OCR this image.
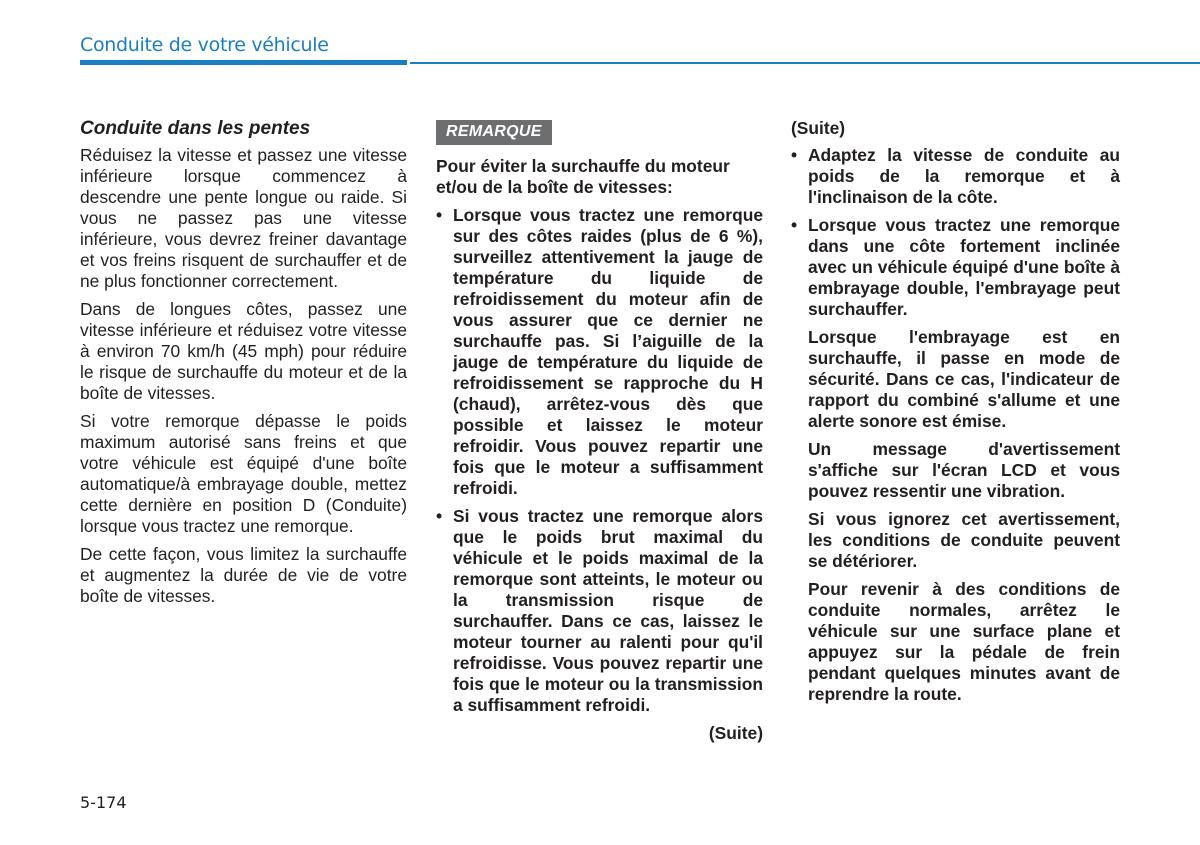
Conduite de votre véhicule
Conduite dans les pentes

Réduisez la vitesse et passez une vitesse inférieure lorsque commencez à descendre une pente longue ou raide. Si vous ne passez pas une vitesse inférieure, vous devrez freiner davantage et vos freins risquent de surchauffer et de ne plus fonctionner correctement.

Dans de longues côtes, passez une vitesse inférieure et réduisez votre vitesse à environ 70 km/h (45 mph) pour réduire le risque de surchauffe du moteur et de la boîte de vitesses.

Si votre remorque dépasse le poids maximum autorisé sans freins et que votre véhicule est équipé d'une boîte automatique/à embrayage double, mettez cette dernière en position D (Conduite) lorsque vous tractez une remorque.

De cette façon, vous limitez la surchauffe et augmentez la durée de vie de votre boîte de vitesses.

REMARQUE
Pour éviter la surchauffe du moteur et/ou de la boîte de vitesses:
• Lorsque vous tractez une remorque sur des côtes raides (plus de 6 %), surveillez attentivement la jauge de température du liquide de refroidissement du moteur afin de vous assurer que ce dernier ne surchauffe pas. Si l’aiguille de la jauge de température du liquide de refroidissement se rapproche du H (chaud), arrêtez-vous dès que possible et laissez le moteur refroidir. Vous pouvez repartir une fois que le moteur a suffisamment refroidi.
• Si vous tractez une remorque alors que le poids brut maximal du véhicule et le poids maximal de la remorque sont atteints, le moteur ou la transmission risque de surchauffer. Dans ce cas, laissez le moteur tourner au ralenti pour qu'il refroidisse. Vous pouvez repartir une fois que le moteur ou la transmission a suffisamment refroidi.
(Suite)
(Suite)
• Adaptez la vitesse de conduite au poids de la remorque et à l'inclinaison de la côte.
• Lorsque vous tractez une remorque dans une côte fortement inclinée avec un véhicule équipé d'une boîte à embrayage double, l'embrayage peut surchauffer.
Lorsque l'embrayage est en surchauffe, il passe en mode de sécurité. Dans ce cas, l'indicateur de rapport du combiné s'allume et une alerte sonore est émise.
Un message d'avertissement s'affiche sur l'écran LCD et vous pouvez ressentir une vibration.
Si vous ignorez cet avertissement, les conditions de conduite peuvent se détériorer.
Pour revenir à des conditions de conduite normales, arrêtez le véhicule sur une surface plane et appuyez sur la pédale de frein pendant quelques minutes avant de reprendre la route.
5-174
